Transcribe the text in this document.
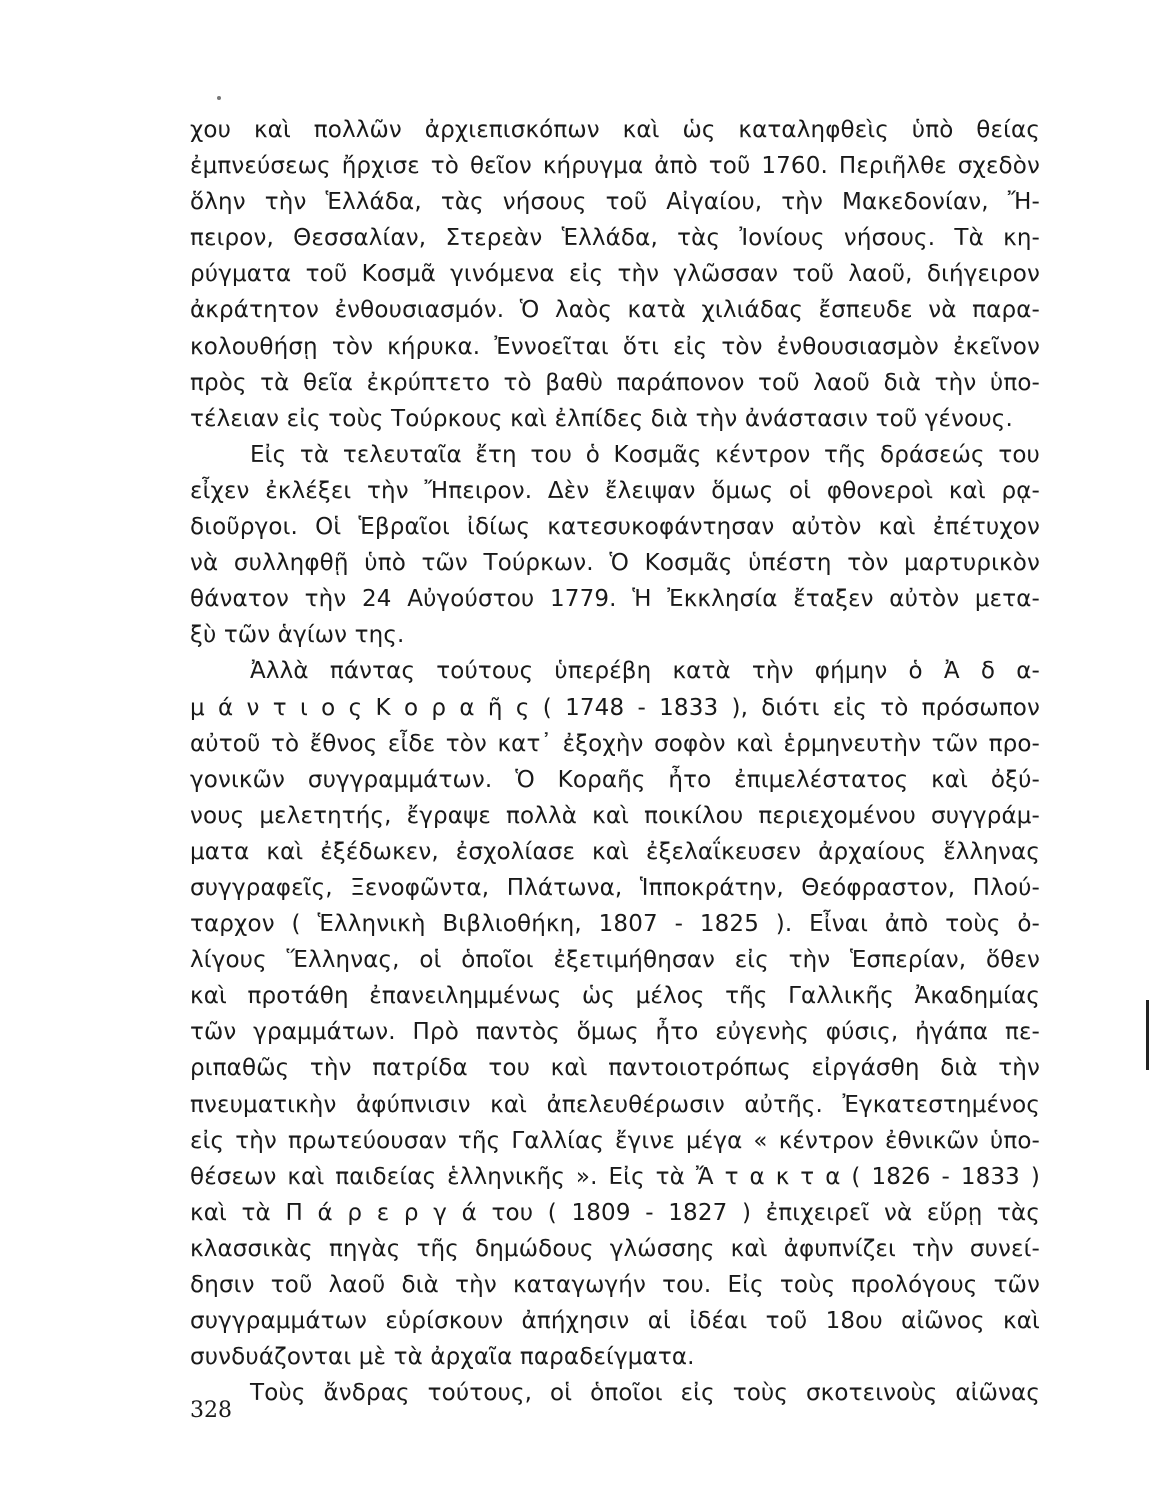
χου καὶ πολλῶν ἀρχιεπισκόπων καὶ ὡς καταληφθεὶς ὑπὸ θείας
ἐμπνεύσεως ἤρχισε τὸ θεῖον κήρυγμα ἀπὸ τοῦ 1760. Περιῆλθε σχεδὸν
ὅλην τὴν Ἑλλάδα, τὰς νήσους τοῦ Αἰγαίου, τὴν Μακεδονίαν, Ἤ-
πειρον, Θεσσαλίαν, Στερεὰν Ἑλλάδα, τὰς Ἰονίους νήσους. Τὰ κη-
ρύγματα τοῦ Κοσμᾶ γινόμενα εἰς τὴν γλῶσσαν τοῦ λαοῦ, διήγειρον
ἀκράτητον ἐνθουσιασμόν. Ὁ λαὸς κατὰ χιλιάδας ἔσπευδε νὰ παρα-
κολουθήσῃ τὸν κήρυκα. Ἐννοεῖται ὅτι εἰς τὸν ἐνθουσιασμὸν ἐκεῖνον
πρὸς τὰ θεῖα ἐκρύπτετο τὸ βαθὺ παράπονον τοῦ λαοῦ διὰ τὴν ὑπο-
τέλειαν εἰς τοὺς Τούρκους καὶ ἐλπίδες διὰ τὴν ἀνάστασιν τοῦ γένους.
Εἰς τὰ τελευταῖα ἔτη του ὁ Κοσμᾶς κέντρον τῆς δράσεώς του
εἶχεν ἐκλέξει τὴν Ἤπειρον. Δὲν ἔλειψαν ὅμως οἱ φθονεροὶ καὶ ρᾳ-
διοῦργοι. Οἱ Ἑβραῖοι ἰδίως κατεσυκοφάντησαν αὐτὸν καὶ ἐπέτυχον
νὰ συλληφθῇ ὑπὸ τῶν Τούρκων. Ὁ Κοσμᾶς ὑπέστη τὸν μαρτυρικὸν
θάνατον τὴν 24 Αὐγούστου 1779. Ἡ Ἐκκλησία ἔταξεν αὐτὸν μετα-
ξὺ τῶν ἁγίων της.
Ἀλλὰ πάντας τούτους ὑπερέβη κατὰ τὴν φήμην ὁ Ἀ δ α-
μ ά ν τ ι ο ς Κ ο ρ α ῆ ς ( 1748 - 1833 ), διότι εἰς τὸ πρόσωπον
αὐτοῦ τὸ ἔθνος εἶδε τὸν κατ᾽ ἐξοχὴν σοφὸν καὶ ἑρμηνευτὴν τῶν προ-
γονικῶν συγγραμμάτων. Ὁ Κοραῆς ἦτο ἐπιμελέστατος καὶ ὀξύ-
νους μελετητής, ἔγραψε πολλὰ καὶ ποικίλου περιεχομένου συγγράμ-
ματα καὶ ἐξέδωκεν, ἐσχολίασε καὶ ἐξελαΐκευσεν ἀρχαίους ἕλληνας
συγγραφεῖς, Ξενοφῶντα, Πλάτωνα, Ἱπποκράτην, Θεόφραστον, Πλού-
ταρχον ( Ἑλληνικὴ Βιβλιοθήκη, 1807 - 1825 ). Εἶναι ἀπὸ τοὺς ὀ-
λίγους Ἕλληνας, οἱ ὁποῖοι ἐξετιμήθησαν εἰς τὴν Ἑσπερίαν, ὅθεν
καὶ προτάθη ἐπανειλημμένως ὡς μέλος τῆς Γαλλικῆς Ἀκαδημίας
τῶν γραμμάτων. Πρὸ παντὸς ὅμως ἦτο εὐγενὴς φύσις, ἠγάπα πε-
ριπαθῶς τὴν πατρίδα του καὶ παντοιοτρόπως εἰργάσθη διὰ τὴν
πνευματικὴν ἀφύπνισιν καὶ ἀπελευθέρωσιν αὐτῆς. Ἐγκατεστημένος
εἰς τὴν πρωτεύουσαν τῆς Γαλλίας ἔγινε μέγα « κέντρον ἐθνικῶν ὑπο-
θέσεων καὶ παιδείας ἑλληνικῆς ». Εἰς τὰ Ἄ τ α κ τ α ( 1826 - 1833 )
καὶ τὰ Π ά ρ ε ρ γ ά του ( 1809 - 1827 ) ἐπιχειρεῖ νὰ εὕρῃ τὰς
κλασσικὰς πηγὰς τῆς δημώδους γλώσσης καὶ ἀφυπνίζει τὴν συνεί-
δησιν τοῦ λαοῦ διὰ τὴν καταγωγήν του. Εἰς τοὺς προλόγους τῶν
συγγραμμάτων εὑρίσκουν ἀπήχησιν αἱ ἰδέαι τοῦ 18ου αἰῶνος καὶ
συνδυάζονται μὲ τὰ ἀρχαῖα παραδείγματα.
Τοὺς ἄνδρας τούτους, οἱ ὁποῖοι εἰς τοὺς σκοτεινοὺς αἰῶνας
328
